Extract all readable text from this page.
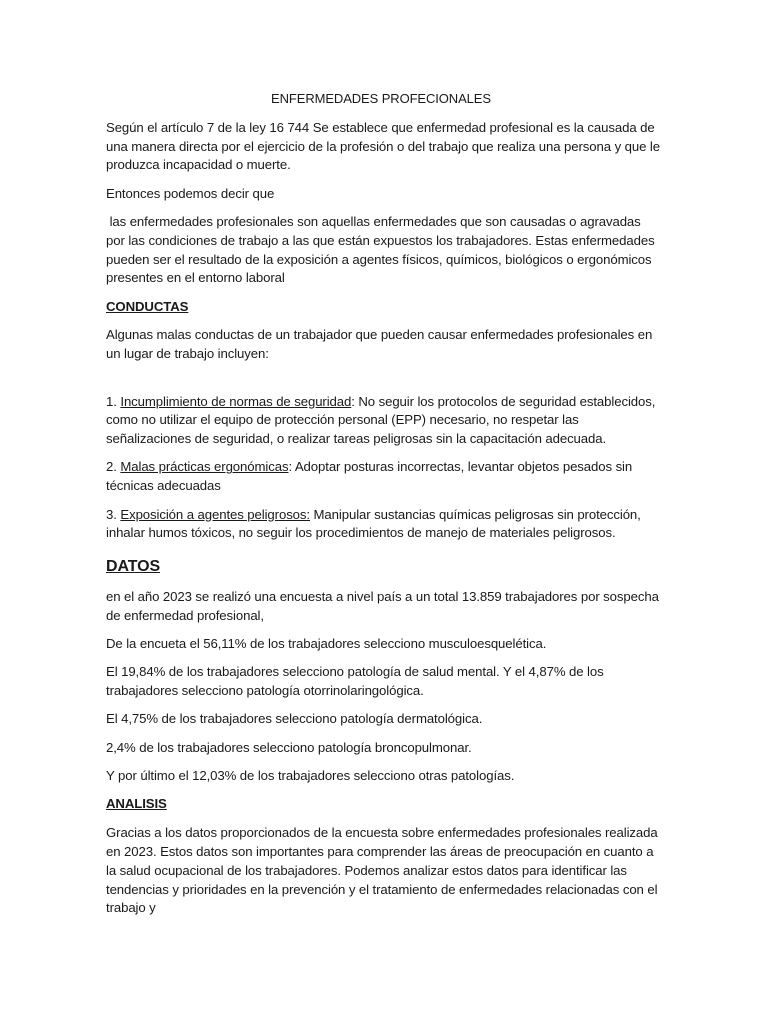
ENFERMEDADES PROFECIONALES

Según el artículo 7 de la ley 16 744 Se establece que enfermedad profesional es la causada de una manera directa por el ejercicio de la profesión o del trabajo que realiza una persona y que le produzca incapacidad o muerte.

Entonces podemos decir que

las enfermedades profesionales son aquellas enfermedades que son causadas o agravadas por las condiciones de trabajo a las que están expuestos los trabajadores. Estas enfermedades pueden ser el resultado de la exposición a agentes físicos, químicos, biológicos o ergonómicos presentes en el entorno laboral

CONDUCTAS

Algunas malas conductas de un trabajador que pueden causar enfermedades profesionales en un lugar de trabajo incluyen:

1. Incumplimiento de normas de seguridad: No seguir los protocolos de seguridad establecidos, como no utilizar el equipo de protección personal (EPP) necesario, no respetar las señalizaciones de seguridad, o realizar tareas peligrosas sin la capacitación adecuada.

2. Malas prácticas ergonómicas: Adoptar posturas incorrectas, levantar objetos pesados sin técnicas adecuadas

3. Exposición a agentes peligrosos: Manipular sustancias químicas peligrosas sin protección, inhalar humos tóxicos, no seguir los procedimientos de manejo de materiales peligrosos.

DATOS

en el año 2023 se realizó una encuesta a nivel país a un total 13.859 trabajadores por sospecha de enfermedad profesional,

De la encueta el 56,11% de los trabajadores selecciono musculoesquelética.

El 19,84% de los trabajadores selecciono patología de salud mental. Y el 4,87% de los trabajadores selecciono patología otorrinolaringológica.

El 4,75% de los trabajadores selecciono patología dermatológica.

2,4% de los trabajadores selecciono patología broncopulmonar.

Y por último el 12,03% de los trabajadores selecciono otras patologías.

ANALISIS

Gracias a los datos proporcionados de la encuesta sobre enfermedades profesionales realizada en 2023. Estos datos son importantes para comprender las áreas de preocupación en cuanto a la salud ocupacional de los trabajadores. Podemos analizar estos datos para identificar las tendencias y prioridades en la prevención y el tratamiento de enfermedades relacionadas con el trabajo y
